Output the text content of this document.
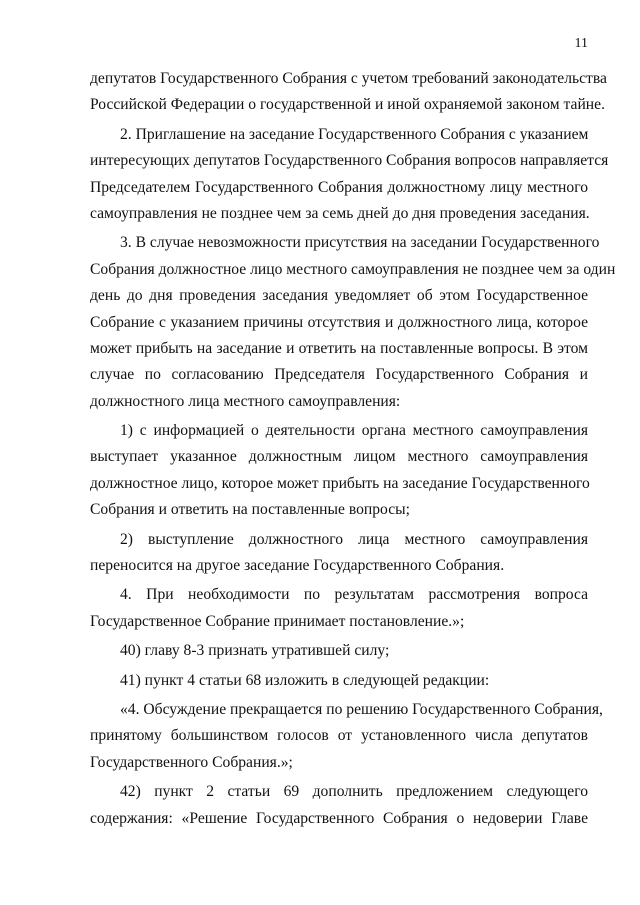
11
депутатов Государственного Собрания с учетом требований законодательства
Российской Федерации о государственной и иной охраняемой законом тайне.
2. Приглашение на заседание Государственного Собрания с указанием
интересующих депутатов Государственного Собрания вопросов направляется
Председателем Государственного Собрания должностному лицу местного
самоуправления не позднее чем за семь дней до дня проведения заседания.
3. В случае невозможности присутствия на заседании Государственного
Собрания должностное лицо местного самоуправления не позднее чем за один
день до дня проведения заседания уведомляет об этом Государственное
Собрание с указанием причины отсутствия и должностного лица, которое
может прибыть на заседание и ответить на поставленные вопросы. В этом
случае по согласованию Председателя Государственного Собрания и
должностного лица местного самоуправления:
1) с информацией о деятельности органа местного самоуправления
выступает указанное должностным лицом местного самоуправления
должностное лицо, которое может прибыть на заседание Государственного
Собрания и ответить на поставленные вопросы;
2) выступление должностного лица местного самоуправления
переносится на другое заседание Государственного Собрания.
4. При необходимости по результатам рассмотрения вопроса
Государственное Собрание принимает постановление.»;
40) главу 8-3 признать утратившей силу;
41) пункт 4 статьи 68 изложить в следующей редакции:
«4. Обсуждение прекращается по решению Государственного Собрания,
принятому большинством голосов от установленного числа депутатов
Государственного Собрания.»;
42) пункт 2 статьи 69 дополнить предложением следующего
содержания: «Решение Государственного Собрания о недоверии Главе
